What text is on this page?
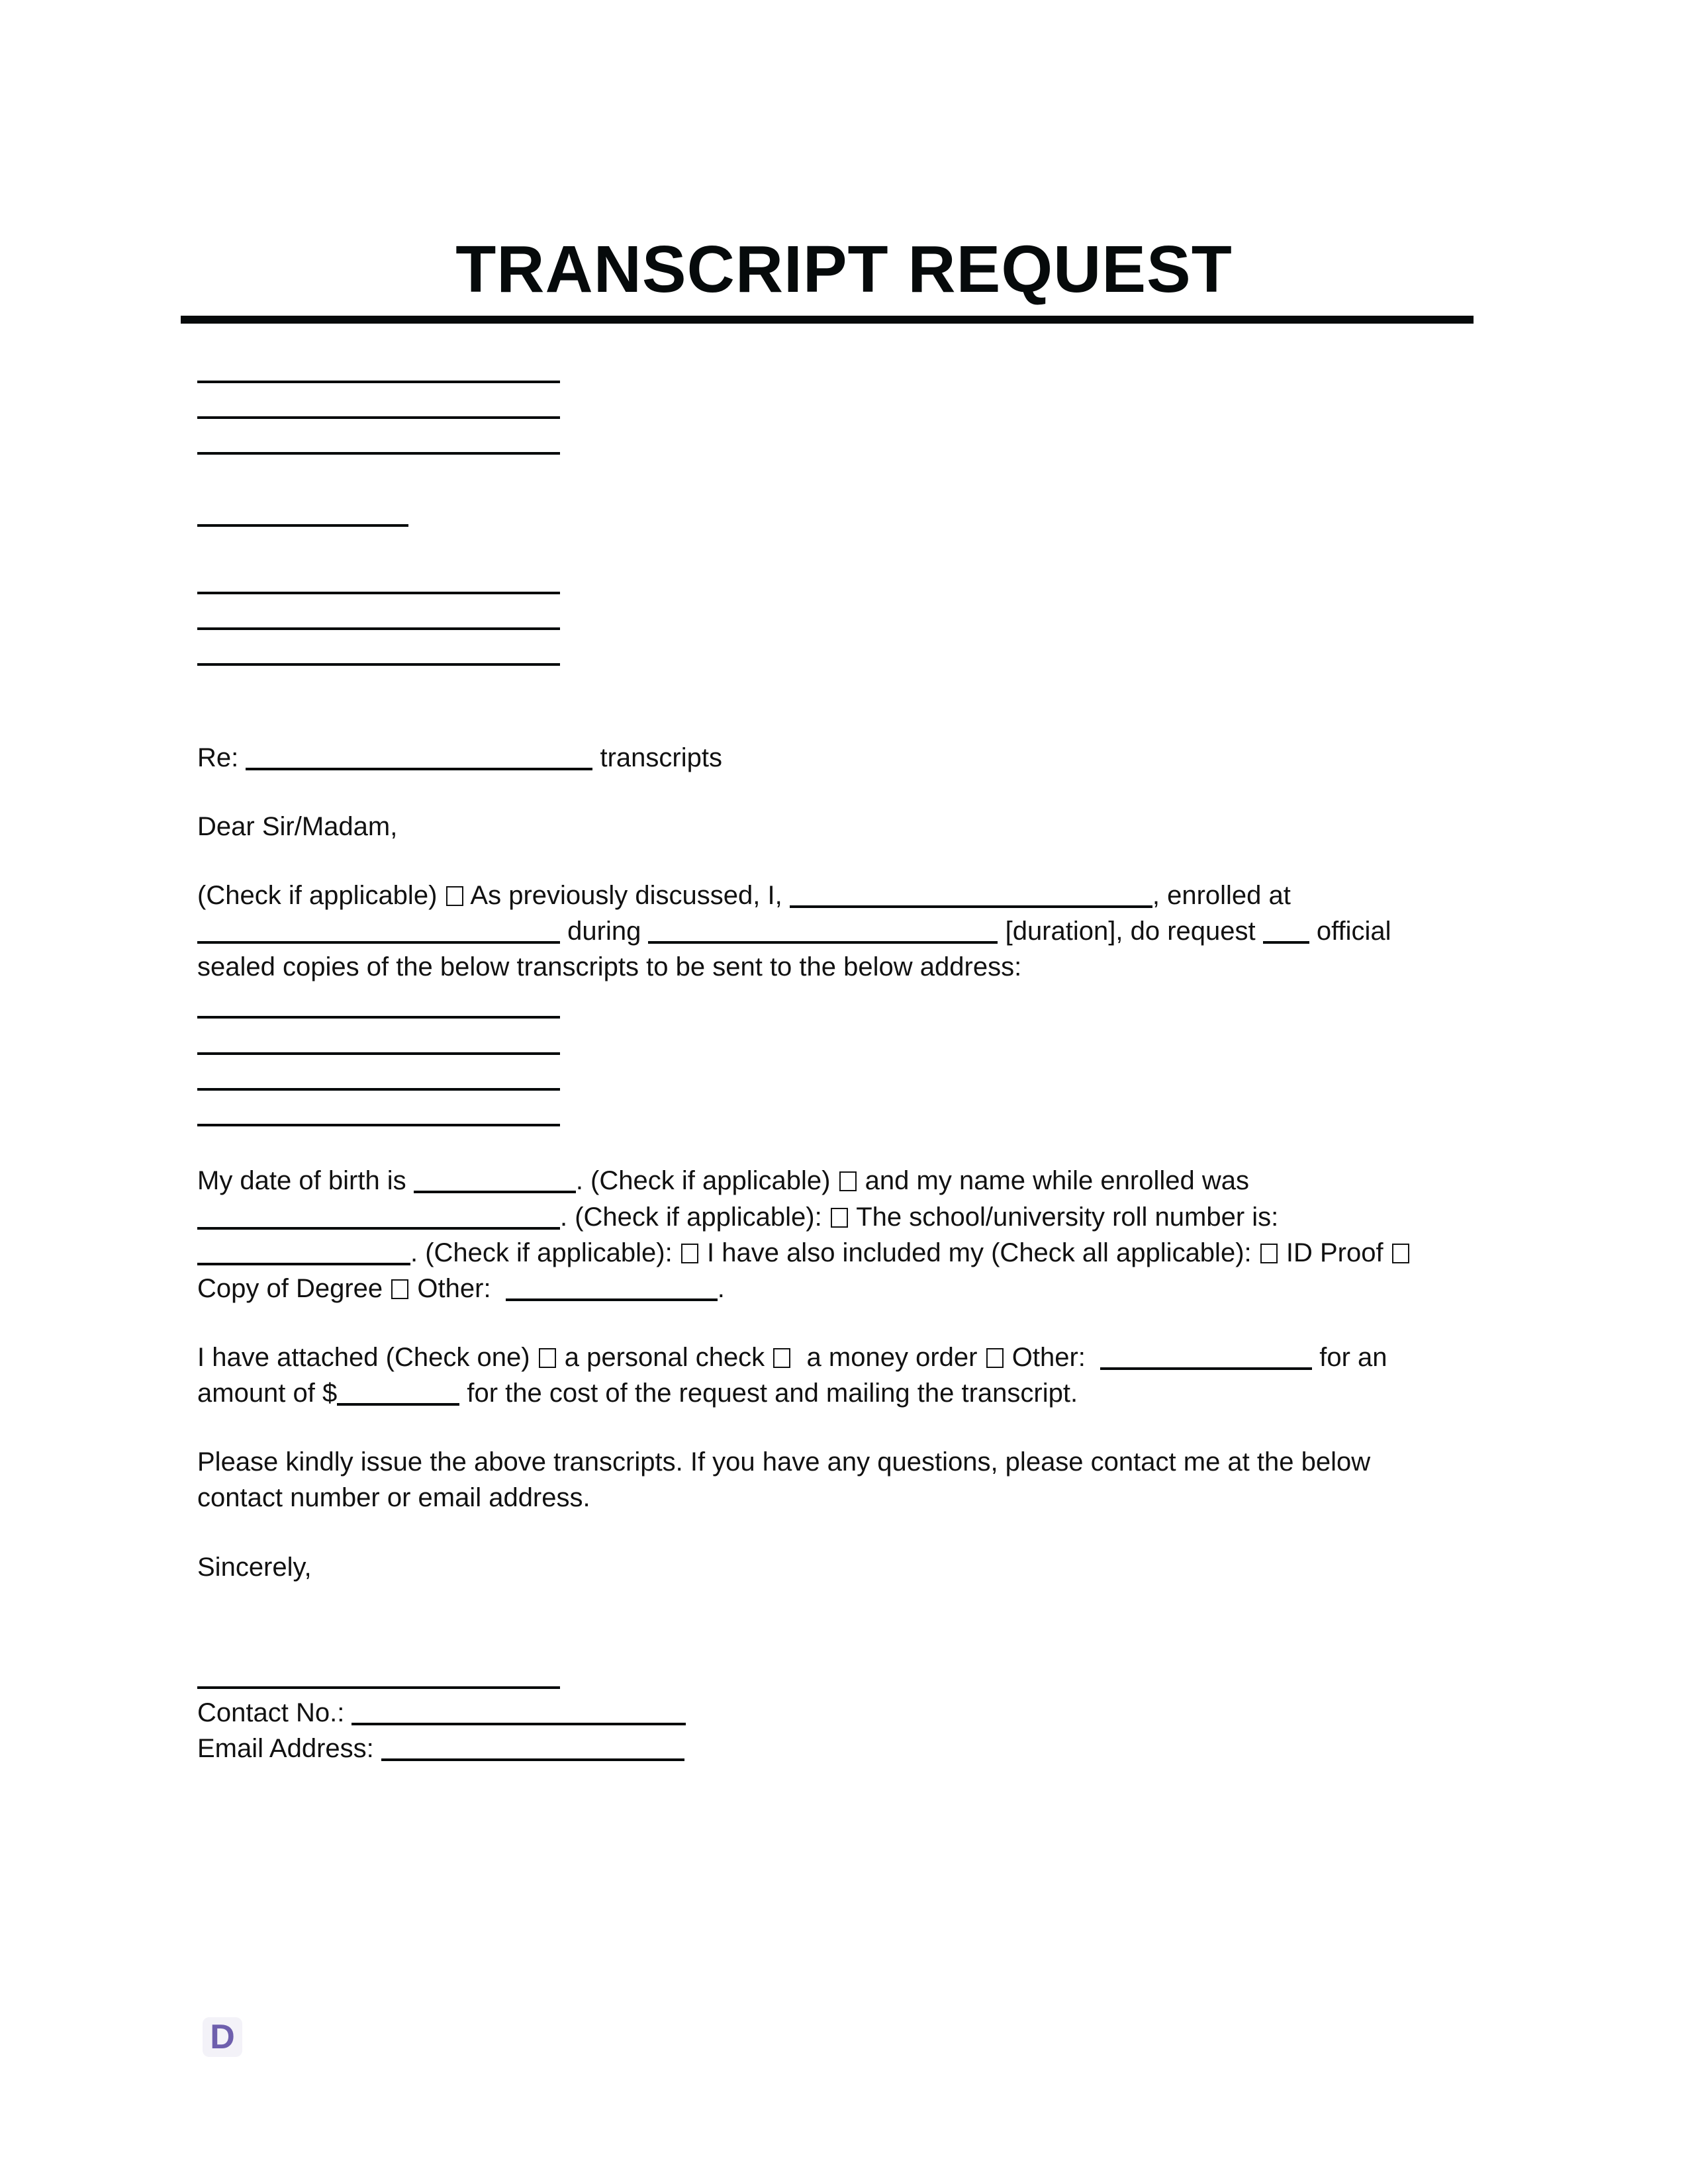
TRANSCRIPT REQUEST
Re:	transcripts
Dear Sir/Madam,
(Check if applicable) As previously discussed, I,	, enrolled at
during	[duration], do request official
sealed copies of the below transcripts to be sent to the below address:
My date of birth is	. (Check if applicable) and my name while enrolled was
. (Check if applicable): The school/university roll number is:
. (Check if applicable): I have also included my (Check all applicable): ID Proof
Copy of Degree Other:	.
I have attached (Check one) a personal check a money order Other:	for an
amount of $	for the cost of the request and mailing the transcript.
Please kindly issue the above transcripts. If you have any questions, please contact me at the below
contact number or email address.
Sincerely,
Contact No.:
Email Address:
D
